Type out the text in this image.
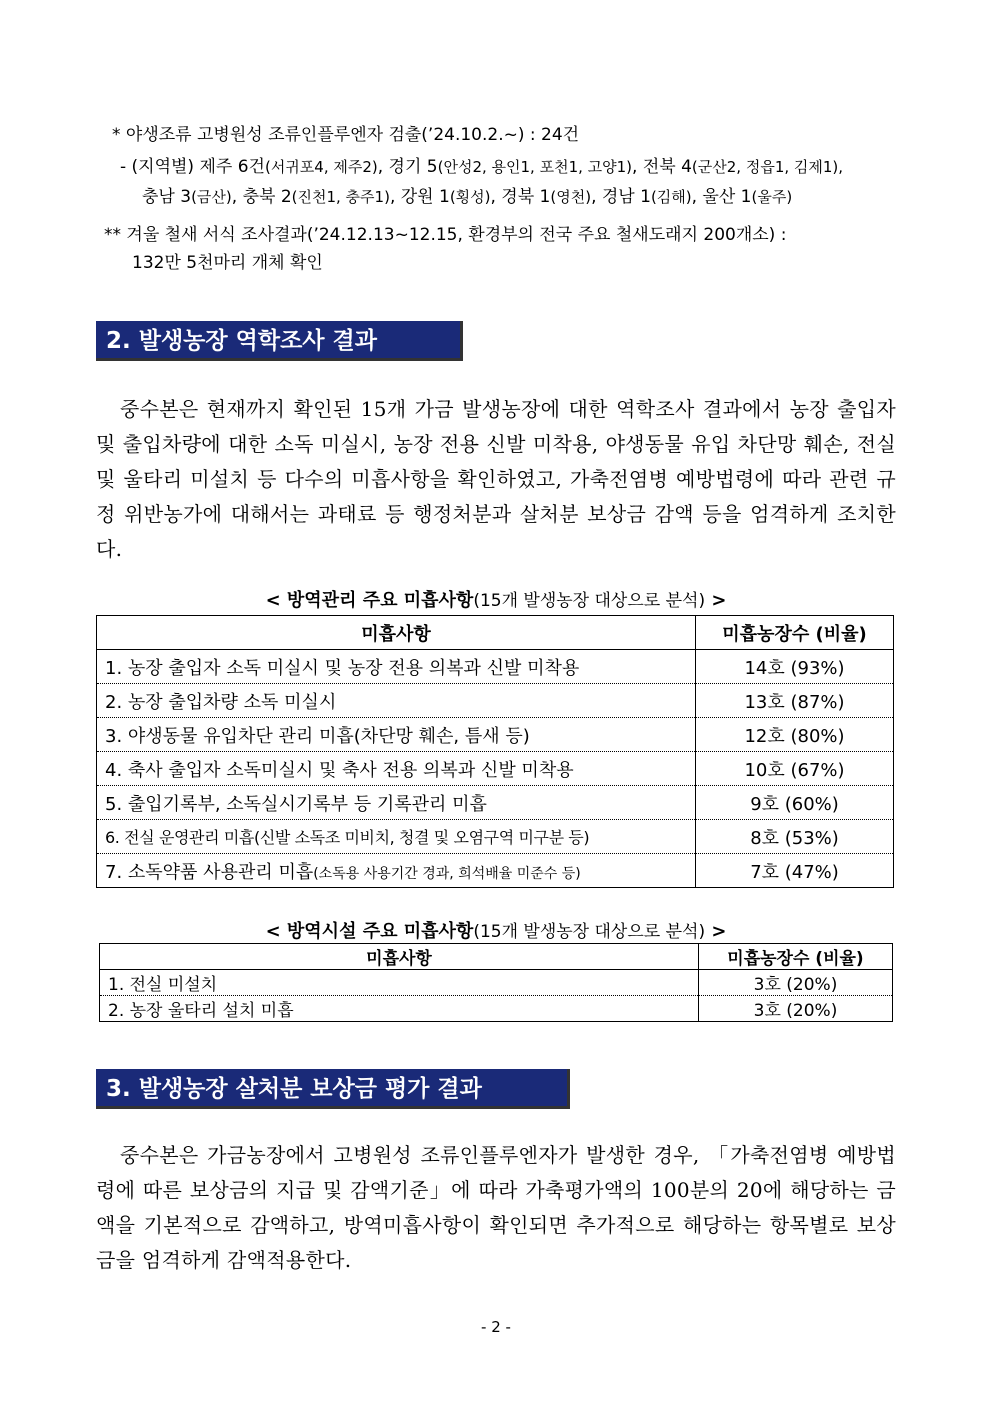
* 야생조류 고병원성 조류인플루엔자 검출(’24.10.2.~) : 24건
- (지역별) 제주 6건(서귀포4, 제주2), 경기 5(안성2, 용인1, 포천1, 고양1), 전북 4(군산2, 정읍1, 김제1),
충남 3(금산), 충북 2(진천1, 충주1), 강원 1(횡성), 경북 1(영천), 경남 1(김해), 울산 1(울주)
** 겨울 철새 서식 조사결과(’24.12.13~12.15, 환경부의 전국 주요 철새도래지 200개소) :
132만 5천마리 개체 확인
2. 발생농장 역학조사 결과
중수본은 현재까지 확인된 15개 가금 발생농장에 대한 역학조사 결과에서 농장 출입자 및 출입차량에 대한 소독 미실시, 농장 전용 신발 미착용, 야생동물 유입 차단망 훼손, 전실 및 울타리 미설치 등 다수의 미흡사항을 확인하였고, 가축전염병 예방법령에 따라 관련 규정 위반농가에 대해서는 과태료 등 행정처분과 살처분 보상금 감액 등을 엄격하게 조치한다.
< 방역관리 주요 미흡사항(15개 발생농장 대상으로 분석) >
미흡사항	미흡농장수 (비율)
1. 농장 출입자 소독 미실시 및 농장 전용 의복과 신발 미착용	14호 (93%)
2. 농장 출입차량 소독 미실시	13호 (87%)
3. 야생동물 유입차단 관리 미흡(차단망 훼손, 틈새 등)	12호 (80%)
4. 축사 출입자 소독미실시 및 축사 전용 의복과 신발 미착용	10호 (67%)
5. 출입기록부, 소독실시기록부 등 기록관리 미흡	9호 (60%)
6. 전실 운영관리 미흡(신발 소독조 미비치, 청결 및 오염구역 미구분 등)	8호 (53%)
7. 소독약품 사용관리 미흡(소독용 사용기간 경과, 희석배율 미준수 등)	7호 (47%)
< 방역시설 주요 미흡사항(15개 발생농장 대상으로 분석) >
미흡사항	미흡농장수 (비율)
1. 전실 미설치	3호 (20%)
2. 농장 울타리 설치 미흡	3호 (20%)
3. 발생농장 살처분 보상금 평가 결과
중수본은 가금농장에서 고병원성 조류인플루엔자가 발생한 경우, 「가축전염병 예방법령에 따른 보상금의 지급 및 감액기준」에 따라 가축평가액의 100분의 20에 해당하는 금액을 기본적으로 감액하고, 방역미흡사항이 확인되면 추가적으로 해당하는 항목별로 보상금을 엄격하게 감액적용한다.
- 2 -
